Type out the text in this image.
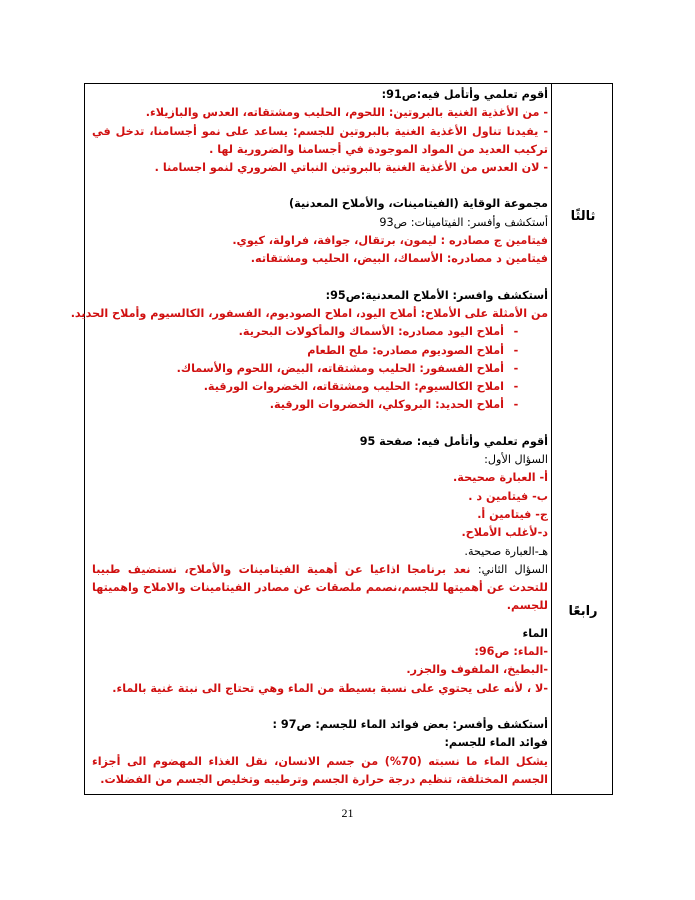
ثالثًا
رابعًا
أقوم تعلمي وأتأمل فيه:ص91:
- من الأغذية الغنية بالبروتين: اللحوم، الحليب ومشتقاته، العدس والبازيلاء.
- يفيدنا تناول الأغذية الغنية بالبروتين للجسم: يساعد على نمو أجسامنا، تدخل في تركيب العديد من المواد الموجودة في أجسامنا والضرورية لها .
- لان العدس من الأغذية الغنية بالبروتين النباتي الضروري لنمو اجسامنا .
مجموعة الوقاية (الفيتامينات، والأملاح المعدنية)
أستكشف وأفسر: الفيتامينات: ص93
فيتامين ج مصادره : ليمون، برتقال، جوافة، فراولة، كيوي.
فيتامين د مصادره: الأسماك، البيض، الحليب ومشتقاته.
أستكشف وافسر: الأملاح المعدنية:ص95:
من الأمثلة على الأملاح: أملاح اليود، املاح الصوديوم، الفسفور، الكالسيوم وأملاح الحديد.
-أملاح اليود مصادره: الأسماك والمأكولات البحرية.
-أملاح الصوديوم مصادره: ملح الطعام
-أملاح الفسفور: الحليب ومشتقاته، البيض، اللحوم والأسماك.
-املاح الكالسيوم: الحليب ومشتقاته، الخضروات الورقية.
-أملاح الحديد: البروكلي، الخضروات الورقية.
أقوم تعلمي وأتأمل فيه: صفحة 95
السؤال الأول:
أ- العبارة صحيحة.
ب- فيتامين د .
ج- فيتامين أ.
د-لأغلب الأملاح.
هـ-العبارة صحيحة.
السؤال الثاني: نعد برنامجا اذاعيا عن أهمية الفيتامينات والأملاح، نستضيف طبيبا للتحدث عن أهميتها للجسم،نصمم ملصقات عن مصادر الفيتامينات والاملاح واهميتها للجسم.
الماء
-الماء: ص96:
-البطيخ، الملفوف والجزر.
-لا ، لأنه على يحتوي على نسبة بسيطة من الماء وهي تحتاج الى نبتة غنية بالماء.
أستكشف وأفسر: بعض فوائد الماء للجسم: ص97 :
فوائد الماء للجسم:
يشكل الماء ما نسبته (70%) من جسم الانسان، نقل الغذاء المهضوم الى أجزاء الجسم المختلفة، تنظيم درجة حرارة الجسم وترطيبه وتخليص الجسم من الفضلات.
21
